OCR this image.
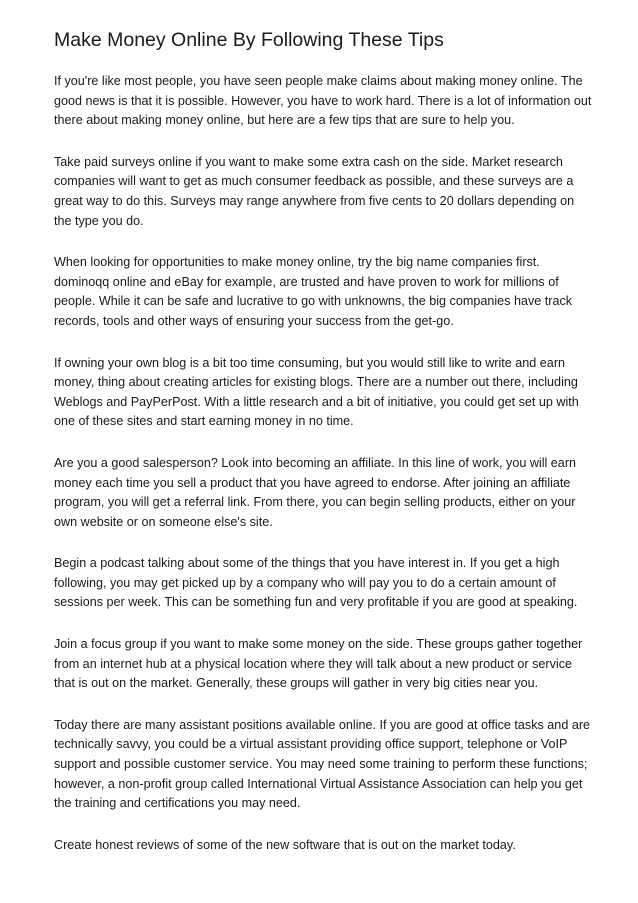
Make Money Online By Following These Tips

If you're like most people, you have seen people make claims about making money online. The good news is that it is possible. However, you have to work hard. There is a lot of information out there about making money online, but here are a few tips that are sure to help you.

Take paid surveys online if you want to make some extra cash on the side. Market research companies will want to get as much consumer feedback as possible, and these surveys are a great way to do this. Surveys may range anywhere from five cents to 20 dollars depending on the type you do.

When looking for opportunities to make money online, try the big name companies first. dominoqq online and eBay for example, are trusted and have proven to work for millions of people. While it can be safe and lucrative to go with unknowns, the big companies have track records, tools and other ways of ensuring your success from the get-go.

If owning your own blog is a bit too time consuming, but you would still like to write and earn money, thing about creating articles for existing blogs. There are a number out there, including Weblogs and PayPerPost. With a little research and a bit of initiative, you could get set up with one of these sites and start earning money in no time.

Are you a good salesperson? Look into becoming an affiliate. In this line of work, you will earn money each time you sell a product that you have agreed to endorse. After joining an affiliate program, you will get a referral link. From there, you can begin selling products, either on your own website or on someone else's site.

Begin a podcast talking about some of the things that you have interest in. If you get a high following, you may get picked up by a company who will pay you to do a certain amount of sessions per week. This can be something fun and very profitable if you are good at speaking.

Join a focus group if you want to make some money on the side. These groups gather together from an internet hub at a physical location where they will talk about a new product or service that is out on the market. Generally, these groups will gather in very big cities near you.

Today there are many assistant positions available online. If you are good at office tasks and are technically savvy, you could be a virtual assistant providing office support, telephone or VoIP support and possible customer service. You may need some training to perform these functions; however, a non-profit group called International Virtual Assistance Association can help you get the training and certifications you may need.

Create honest reviews of some of the new software that is out on the market today.
